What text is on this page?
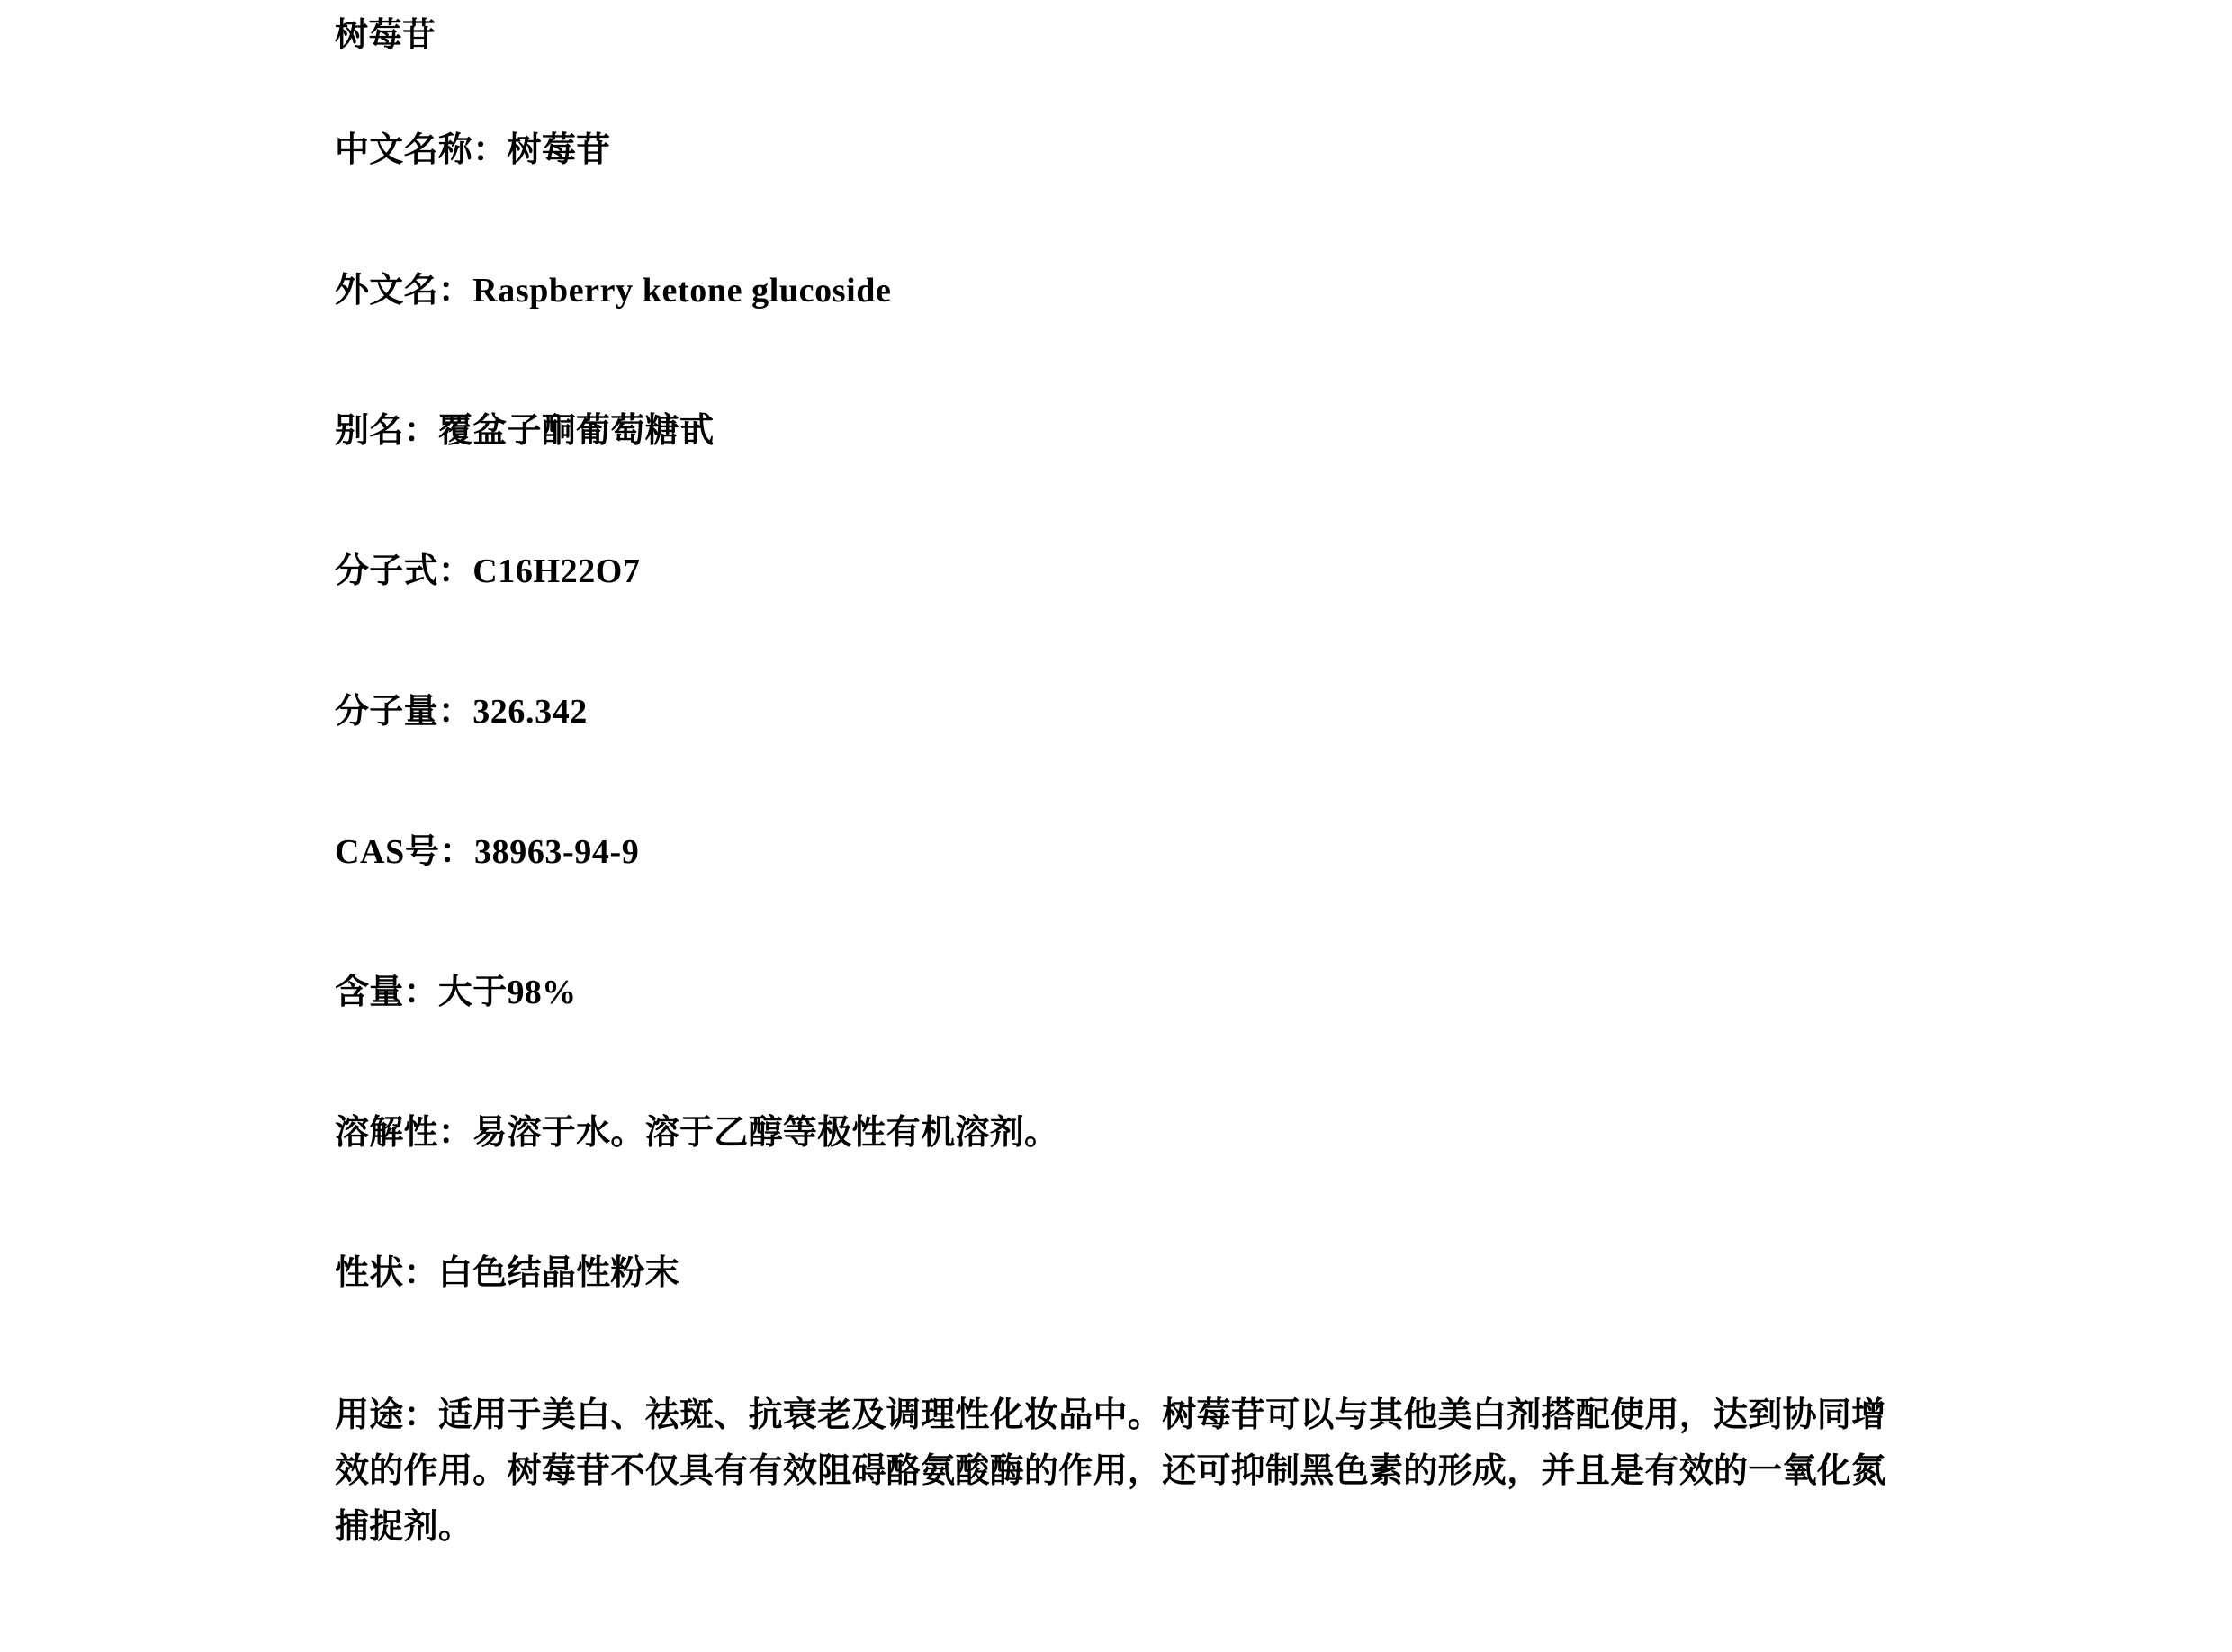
树莓苷

中文名称：树莓苷

外文名：Raspberry ketone glucoside

别名：覆盆子酮葡萄糖甙

分子式：C16H22O7

分子量：326.342

CAS号：38963-94-9

含量：大于98%

溶解性：易溶于水。溶于乙醇等极性有机溶剂。

性状：白色结晶性粉末

用途：适用于美白、祛斑、抗衰老及调理性化妆品中。树莓苷可以与其他美白剂搭配使用，达到协同增效的作用。树莓苷不仅具有有效阻碍酪氨酸酶的作用，还可抑制黑色素的形成，并且是有效的一氧化氮捕捉剂。
